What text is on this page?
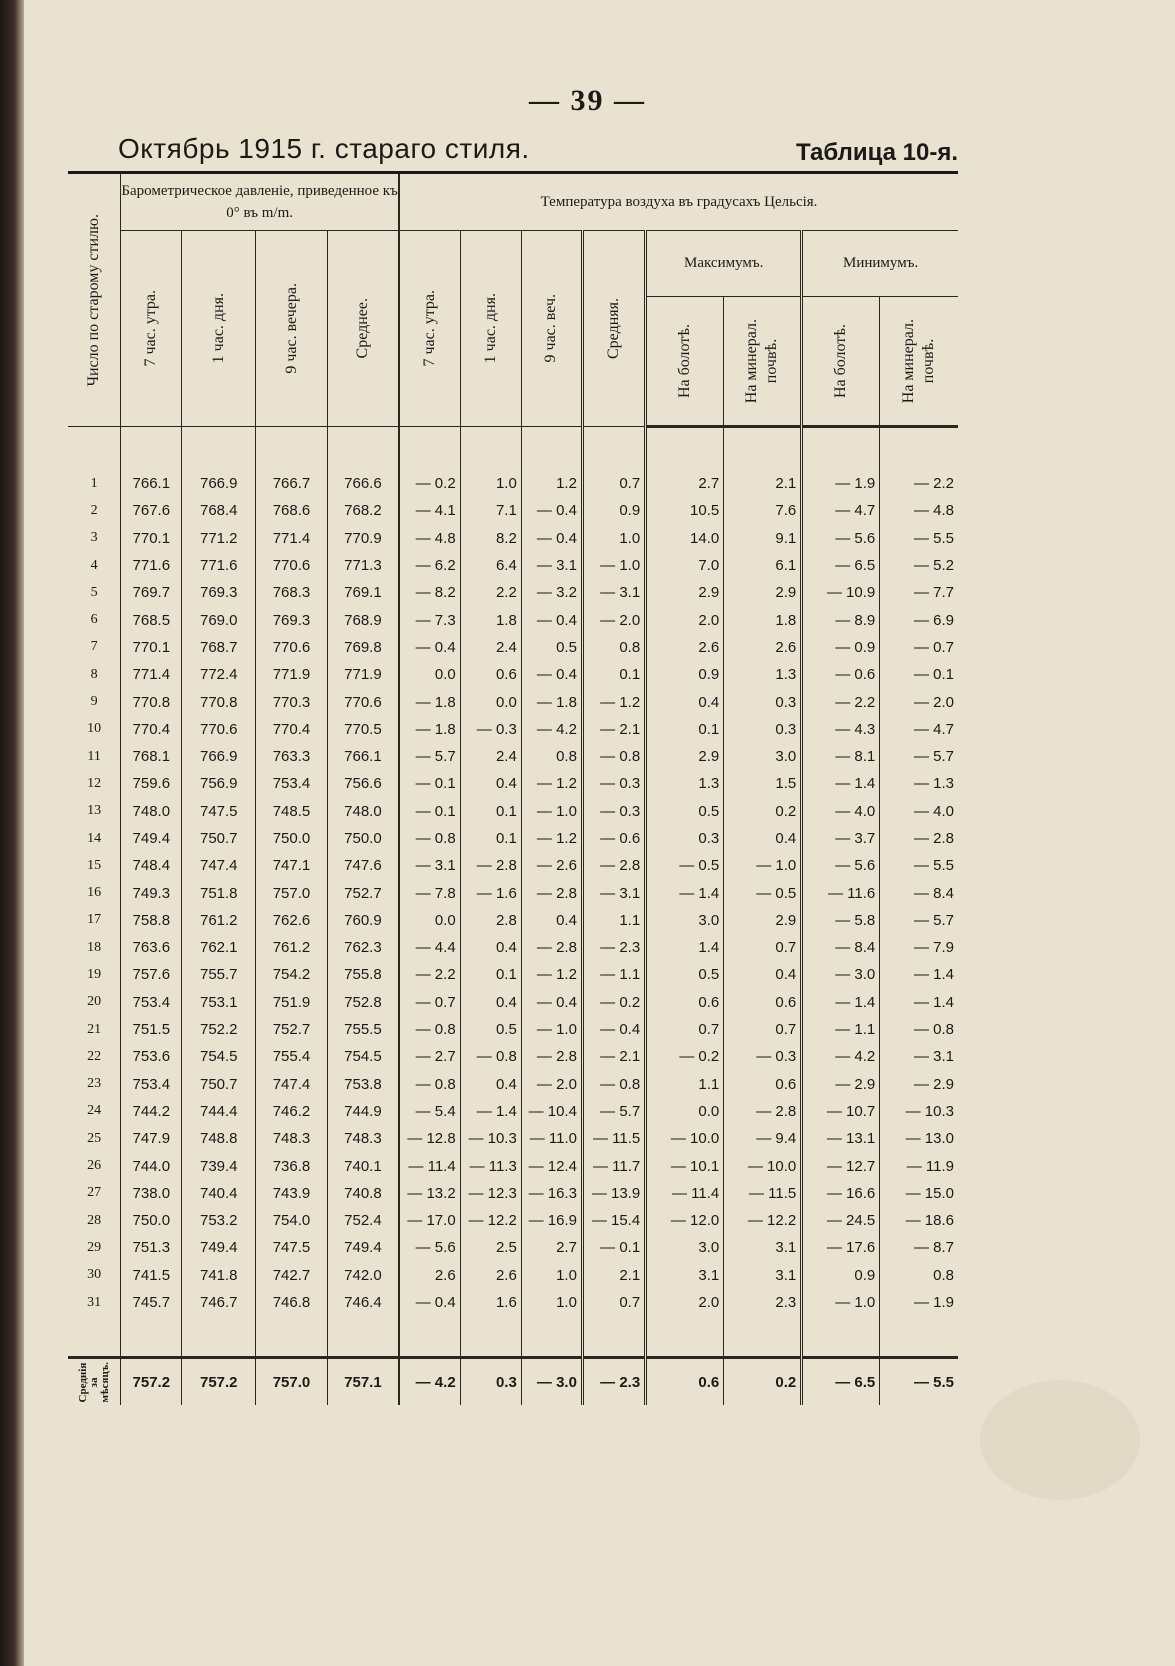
— 39 —
Октябрь 1915 г. стараго стиля.	Таблица 10-я.
Число по старому стилю.	Барометрическое давленіе, приведенное къ 0° въ m/m.				Температура воздуха въ градусахъ Цельсія.							

	7 час. утра.	1 час. дня.	9 час. вечера.	Среднее.	7 час. утра.	1 час. дня.	9 час. веч.	Средняя.	Максимумъ.		Минимумъ.	

									На болотѣ.	На минерал.
почвѣ.	На болотѣ.	На минерал.
почвѣ.

1	766.1	766.9	766.7	766.6	— 0.2	1.0	1.2	0.7	2.7	2.1	— 1.9	— 2.2
2	767.6	768.4	768.6	768.2	— 4.1	7.1	— 0.4	0.9	10.5	7.6	— 4.7	— 4.8
3	770.1	771.2	771.4	770.9	— 4.8	8.2	— 0.4	1.0	14.0	9.1	— 5.6	— 5.5
4	771.6	771.6	770.6	771.3	— 6.2	6.4	— 3.1	— 1.0	7.0	6.1	— 6.5	— 5.2
5	769.7	769.3	768.3	769.1	— 8.2	2.2	— 3.2	— 3.1	2.9	2.9	— 10.9	— 7.7
6	768.5	769.0	769.3	768.9	— 7.3	1.8	— 0.4	— 2.0	2.0	1.8	— 8.9	— 6.9
7	770.1	768.7	770.6	769.8	— 0.4	2.4	0.5	0.8	2.6	2.6	— 0.9	— 0.7
8	771.4	772.4	771.9	771.9	0.0	0.6	— 0.4	0.1	0.9	1.3	— 0.6	— 0.1
9	770.8	770.8	770.3	770.6	— 1.8	0.0	— 1.8	— 1.2	0.4	0.3	— 2.2	— 2.0
10	770.4	770.6	770.4	770.5	— 1.8	— 0.3	— 4.2	— 2.1	0.1	0.3	— 4.3	— 4.7
11	768.1	766.9	763.3	766.1	— 5.7	2.4	0.8	— 0.8	2.9	3.0	— 8.1	— 5.7
12	759.6	756.9	753.4	756.6	— 0.1	0.4	— 1.2	— 0.3	1.3	1.5	— 1.4	— 1.3
13	748.0	747.5	748.5	748.0	— 0.1	0.1	— 1.0	— 0.3	0.5	0.2	— 4.0	— 4.0
14	749.4	750.7	750.0	750.0	— 0.8	0.1	— 1.2	— 0.6	0.3	0.4	— 3.7	— 2.8
15	748.4	747.4	747.1	747.6	— 3.1	— 2.8	— 2.6	— 2.8	— 0.5	— 1.0	— 5.6	— 5.5
16	749.3	751.8	757.0	752.7	— 7.8	— 1.6	— 2.8	— 3.1	— 1.4	— 0.5	— 11.6	— 8.4
17	758.8	761.2	762.6	760.9	0.0	2.8	0.4	1.1	3.0	2.9	— 5.8	— 5.7
18	763.6	762.1	761.2	762.3	— 4.4	0.4	— 2.8	— 2.3	1.4	0.7	— 8.4	— 7.9
19	757.6	755.7	754.2	755.8	— 2.2	0.1	— 1.2	— 1.1	0.5	0.4	— 3.0	— 1.4
20	753.4	753.1	751.9	752.8	— 0.7	0.4	— 0.4	— 0.2	0.6	0.6	— 1.4	— 1.4
21	751.5	752.2	752.7	755.5	— 0.8	0.5	— 1.0	— 0.4	0.7	0.7	— 1.1	— 0.8
22	753.6	754.5	755.4	754.5	— 2.7	— 0.8	— 2.8	— 2.1	— 0.2	— 0.3	— 4.2	— 3.1
23	753.4	750.7	747.4	753.8	— 0.8	0.4	— 2.0	— 0.8	1.1	0.6	— 2.9	— 2.9
24	744.2	744.4	746.2	744.9	— 5.4	— 1.4	— 10.4	— 5.7	0.0	— 2.8	— 10.7	— 10.3
25	747.9	748.8	748.3	748.3	— 12.8	— 10.3	— 11.0	— 11.5	— 10.0	— 9.4	— 13.1	— 13.0
26	744.0	739.4	736.8	740.1	— 11.4	— 11.3	— 12.4	— 11.7	— 10.1	— 10.0	— 12.7	— 11.9
27	738.0	740.4	743.9	740.8	— 13.2	— 12.3	— 16.3	— 13.9	— 11.4	— 11.5	— 16.6	— 15.0
28	750.0	753.2	754.0	752.4	— 17.0	— 12.2	— 16.9	— 15.4	— 12.0	— 12.2	— 24.5	— 18.6
29	751.3	749.4	747.5	749.4	— 5.6	2.5	2.7	— 0.1	3.0	3.1	— 17.6	— 8.7
30	741.5	741.8	742.7	742.0	2.6	2.6	1.0	2.1	3.1	3.1	0.9	0.8
31	745.7	746.7	746.8	746.4	— 0.4	1.6	1.0	0.7	2.0	2.3	— 1.0	— 1.9

Среднія
за
мѣсяцъ.	757.2	757.2	757.0	757.1	— 4.2	0.3	— 3.0	— 2.3	0.6	0.2	— 6.5	— 5.5
